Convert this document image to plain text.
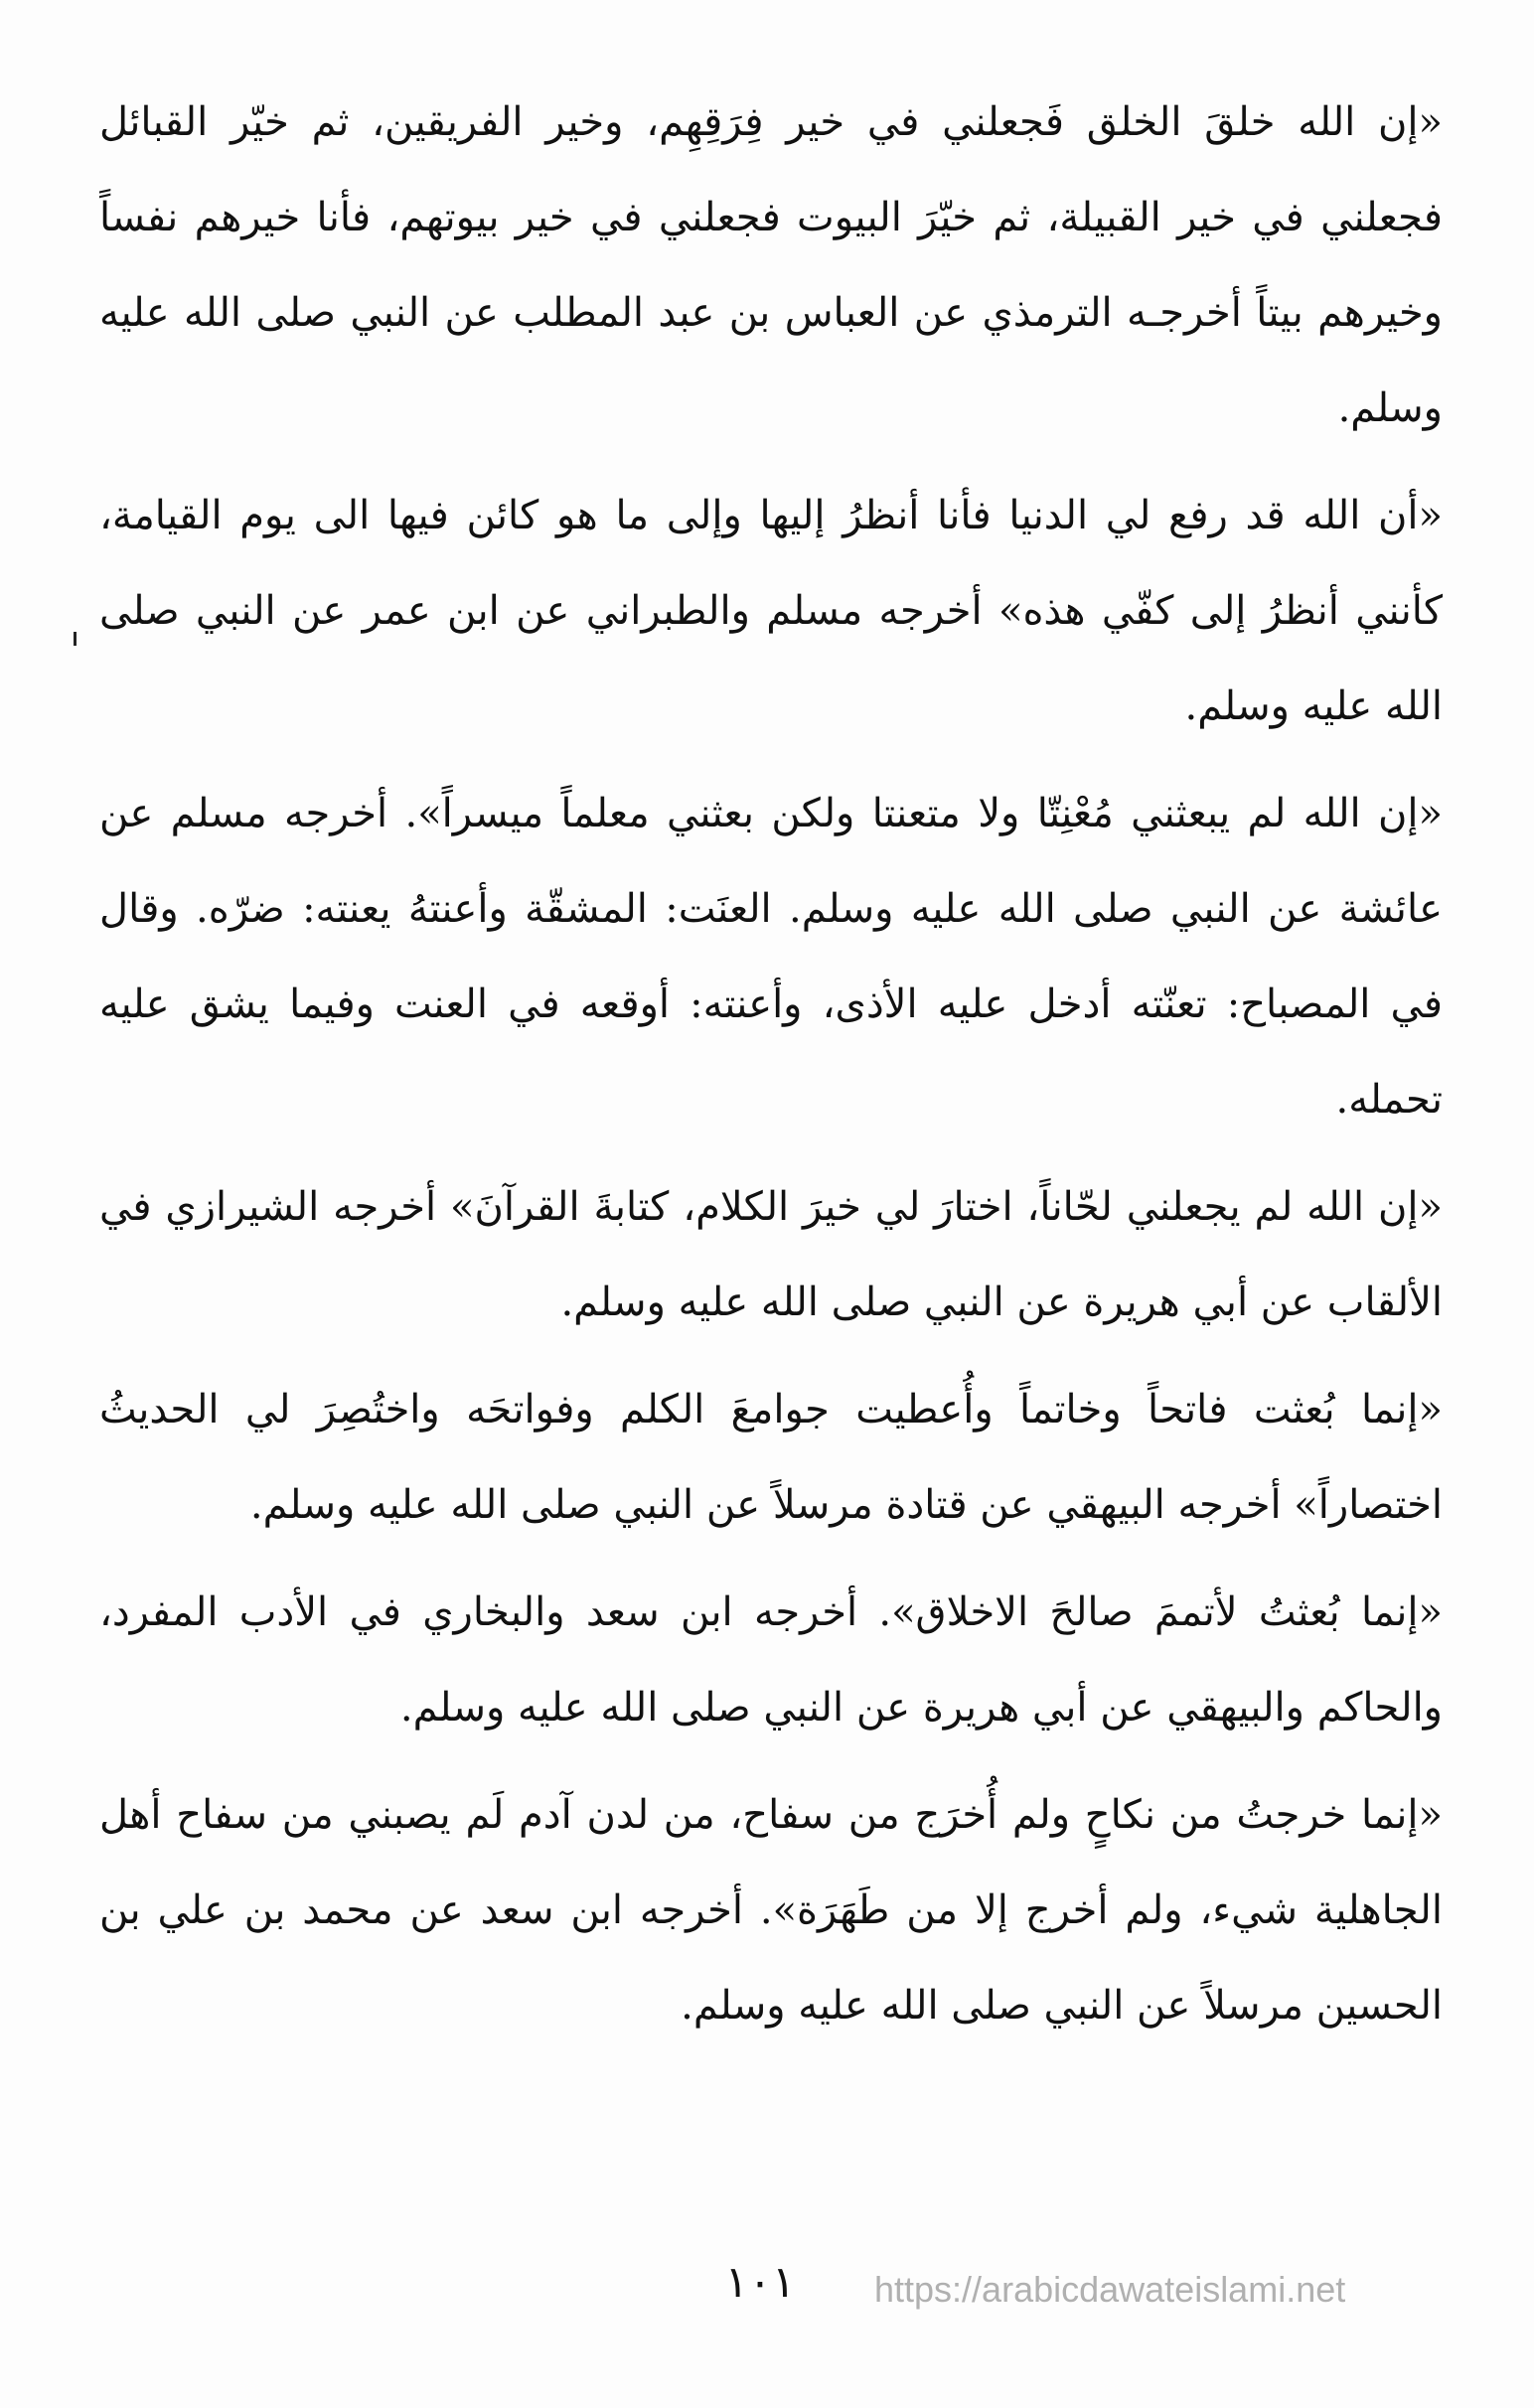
«إن الله خلقَ الخلق فَجعلني في خير فِرَقِهِم، وخير الفريقين، ثم خيّر القبائل فجعلني في خير القبيلة، ثم خيّرَ البيوت فجعلني في خير بيوتهم، فأنا خيرهم نفساً وخيرهم بيتاً أخرجـه الترمذي عن العباس بن عبد المطلب عن النبي صلى الله عليه وسلم.

«أن الله قد رفع لي الدنيا فأنا أنظرُ إليها وإلى ما هو كائن فيها الى يوم القيامة، كأنني أنظرُ إلى كفّي هذه» أخرجه مسلم والطبراني عن ابن عمر عن النبي صلى الله عليه وسلم.

«إن الله لم يبعثني مُعْنِتّا ولا متعنتا ولكن بعثني معلماً ميسراً». أخرجه مسلم عن عائشة عن النبي صلى الله عليه وسلم. العنَت: المشقّة وأعنتهُ يعنته: ضرّه. وقال في المصباح: تعنّته أدخل عليه الأذى، وأعنته: أوقعه في العنت وفيما يشق عليه تحمله.

«إن الله لم يجعلني لحّاناً، اختارَ لي خيرَ الكلام، كتابةَ القرآنَ» أخرجه الشيرازي في الألقاب عن أبي هريرة عن النبي صلى الله عليه وسلم.

«إنما بُعثت فاتحاً وخاتماً وأُعطيت جوامعَ الكلم وفواتحَه واختُصِرَ لي الحديثُ اختصاراً» أخرجه البيهقي عن قتادة مرسلاً عن النبي صلى الله عليه وسلم.

«إنما بُعثتُ لأتممَ صالحَ الاخلاق». أخرجه ابن سعد والبخاري في الأدب المفرد، والحاكم والبيهقي عن أبي هريرة عن النبي صلى الله عليه وسلم.

«إنما خرجتُ من نكاحٍ ولم أُخرَج من سفاح، من لدن آدم لَم يصبني من سفاح أهل الجاهلية شيء، ولم أخرج إلا من طَهَرَة». أخرجه ابن سعد عن محمد بن علي بن الحسين مرسلاً عن النبي صلى الله عليه وسلم.

١٠١	https://arabicdawateislami.net
